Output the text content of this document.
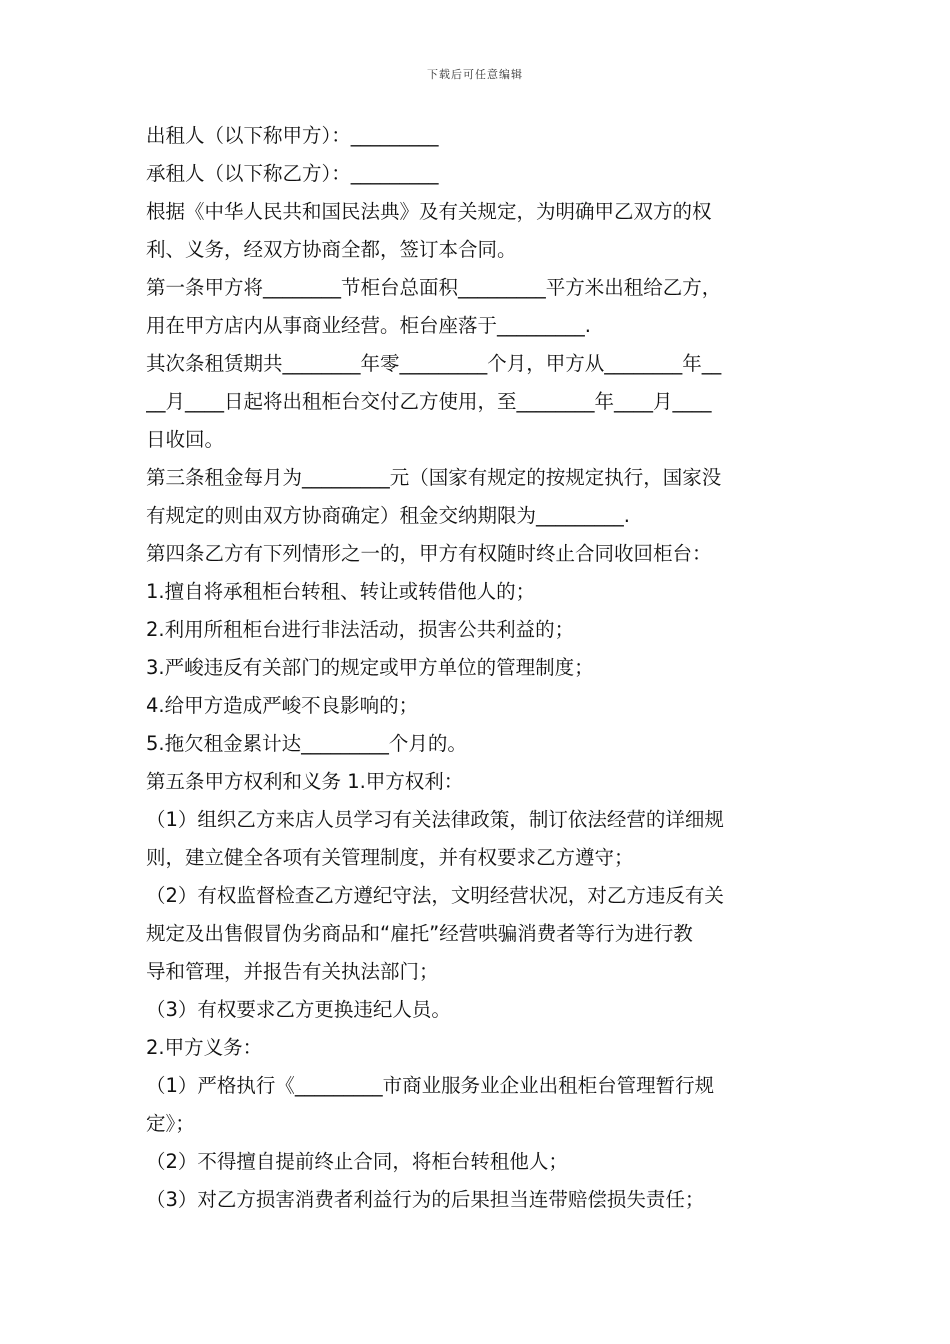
下载后可任意编辑
出租人（以下称甲方）：_________
承租人（以下称乙方）：_________
根据《中华人民共和国民法典》及有关规定，为明确甲乙双方的权
利、义务，经双方协商全都，签订本合同。
第一条甲方将________节柜台总面积_________平方米出租给乙方，
用在甲方店内从事商业经营。柜台座落于_________.
其次条租赁期共________年零_________个月，甲方从________年__
__月____日起将出租柜台交付乙方使用，至________年____月____
日收回。
第三条租金每月为_________元（国家有规定的按规定执行，国家没
有规定的则由双方协商确定）租金交纳期限为_________.
第四条乙方有下列情形之一的，甲方有权随时终止合同收回柜台：
1.擅自将承租柜台转租、转让或转借他人的；
2.利用所租柜台进行非法活动，损害公共利益的；
3.严峻违反有关部门的规定或甲方单位的管理制度；
4.给甲方造成严峻不良影响的；
5.拖欠租金累计达_________个月的。
第五条甲方权利和义务 1.甲方权利：
（1）组织乙方来店人员学习有关法律政策，制订依法经营的详细规
则，建立健全各项有关管理制度，并有权要求乙方遵守；
（2）有权监督检查乙方遵纪守法，文明经营状况，对乙方违反有关
规定及出售假冒伪劣商品和“雇托”经营哄骗消费者等行为进行教
导和管理，并报告有关执法部门；
（3）有权要求乙方更换违纪人员。
2.甲方义务：
（1）严格执行《_________市商业服务业企业出租柜台管理暂行规
定》；
（2）不得擅自提前终止合同，将柜台转租他人；
（3）对乙方损害消费者利益行为的后果担当连带赔偿损失责任；
